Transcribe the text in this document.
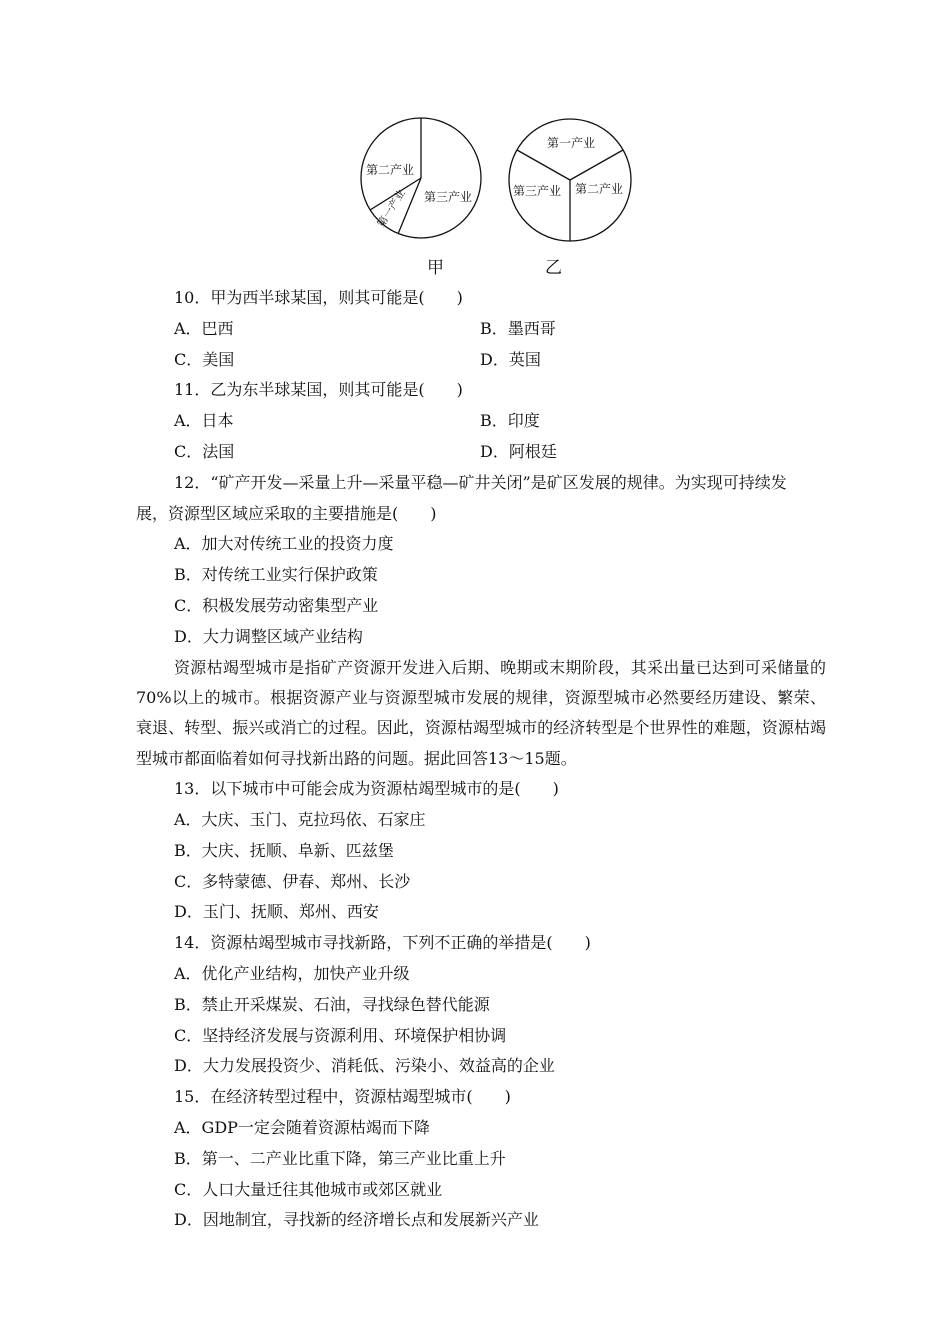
第二产业
第一产业 第三产业
第一产业
第三产业 第二产业
甲	乙
10．甲为西半球某国，则其可能是(　　)
A．巴西	B．墨西哥
C．美国	D．英国
11．乙为东半球某国，则其可能是(　　)
A．日本	B．印度
C．法国	D．阿根廷
12．“矿产开发—采量上升—采量平稳—矿井关闭”是矿区发展的规律。为实现可持续发
展，资源型区域应采取的主要措施是(　　)
A．加大对传统工业的投资力度
B．对传统工业实行保护政策
C．积极发展劳动密集型产业
D．大力调整区域产业结构

资源枯竭型城市是指矿产资源开发进入后期、晚期或末期阶段，其采出量已达到可采储量的70%以上的城市。根据资源产业与资源型城市发展的规律，资源型城市必然要经历建设、繁荣、衰退、转型、振兴或消亡的过程。因此，资源枯竭型城市的经济转型是个世界性的难题，资源枯竭型城市都面临着如何寻找新出路的问题。据此回答13～15题。

13．以下城市中可能会成为资源枯竭型城市的是(　　)
A．大庆、玉门、克拉玛依、石家庄
B．大庆、抚顺、阜新、匹兹堡
C．多特蒙德、伊春、郑州、长沙
D．玉门、抚顺、郑州、西安
14．资源枯竭型城市寻找新路，下列不正确的举措是(　　)
A．优化产业结构，加快产业升级
B．禁止开采煤炭、石油，寻找绿色替代能源
C．坚持经济发展与资源利用、环境保护相协调
D．大力发展投资少、消耗低、污染小、效益高的企业
15．在经济转型过程中，资源枯竭型城市(　　)
A．GDP一定会随着资源枯竭而下降
B．第一、二产业比重下降，第三产业比重上升
C．人口大量迁往其他城市或郊区就业
D．因地制宜，寻找新的经济增长点和发展新兴产业
